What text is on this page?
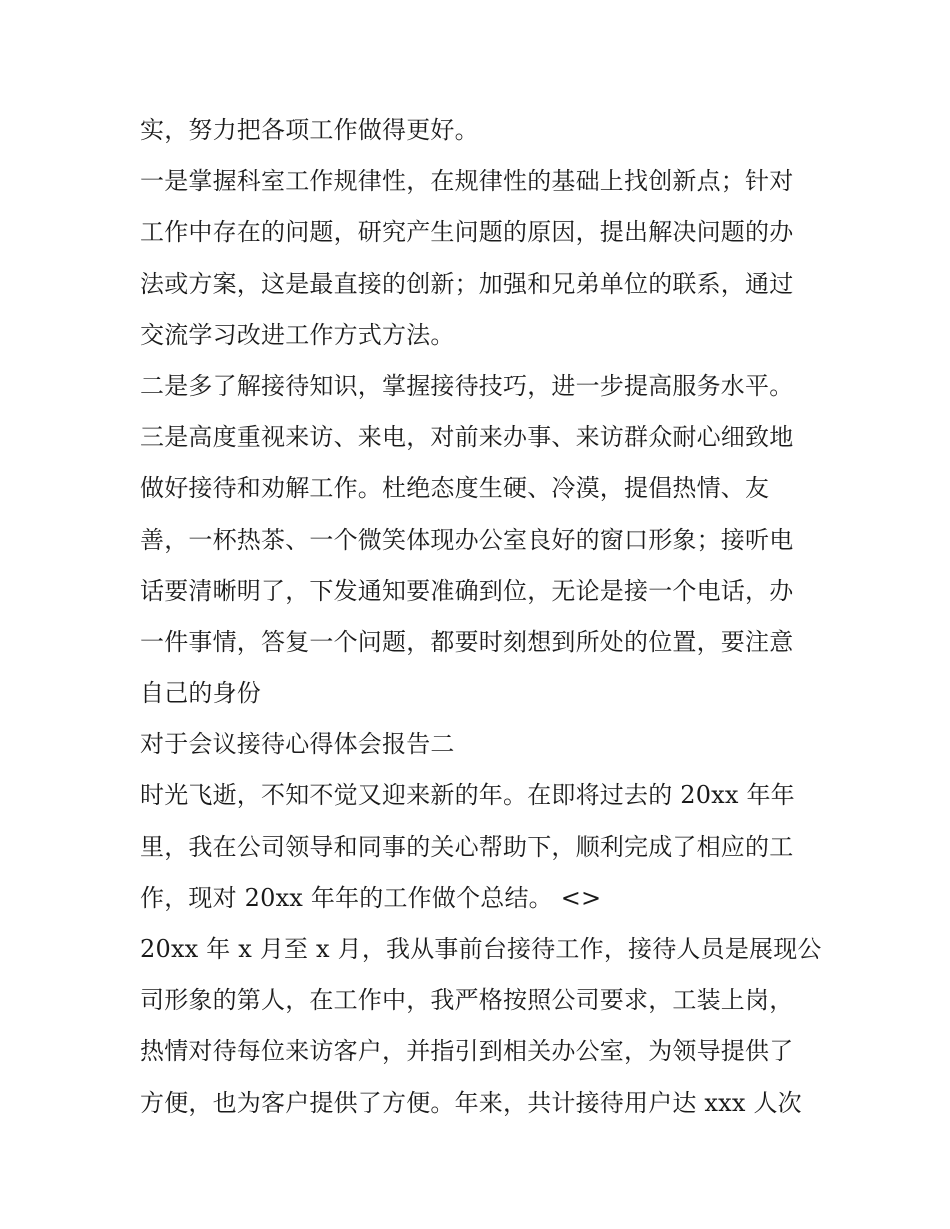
实，努力把各项工作做得更好。

一是掌握科室工作规律性，在规律性的基础上找创新点；针对

工作中存在的问题，研究产生问题的原因，提出解决问题的办

法或方案，这是最直接的创新；加强和兄弟单位的联系，通过

交流学习改进工作方式方法。

二是多了解接待知识，掌握接待技巧，进一步提高服务水平。

三是高度重视来访、来电，对前来办事、来访群众耐心细致地

做好接待和劝解工作。杜绝态度生硬、冷漠，提倡热情、友

善，一杯热茶、一个微笑体现办公室良好的窗口形象；接听电

话要清晰明了，下发通知要准确到位，无论是接一个电话，办

一件事情，答复一个问题，都要时刻想到所处的位置，要注意

自己的身份

对于会议接待心得体会报告二

时光飞逝，不知不觉又迎来新的年。在即将过去的 20xx 年年

里，我在公司领导和同事的关心帮助下，顺利完成了相应的工

作，现对 20xx 年年的工作做个总结。 <>

20xx 年 x 月至 x 月，我从事前台接待工作，接待人员是展现公

司形象的第人，在工作中，我严格按照公司要求，工装上岗，

热情对待每位来访客户，并指引到相关办公室，为领导提供了

方便，也为客户提供了方便。年来，共计接待用户达 xxx 人次
